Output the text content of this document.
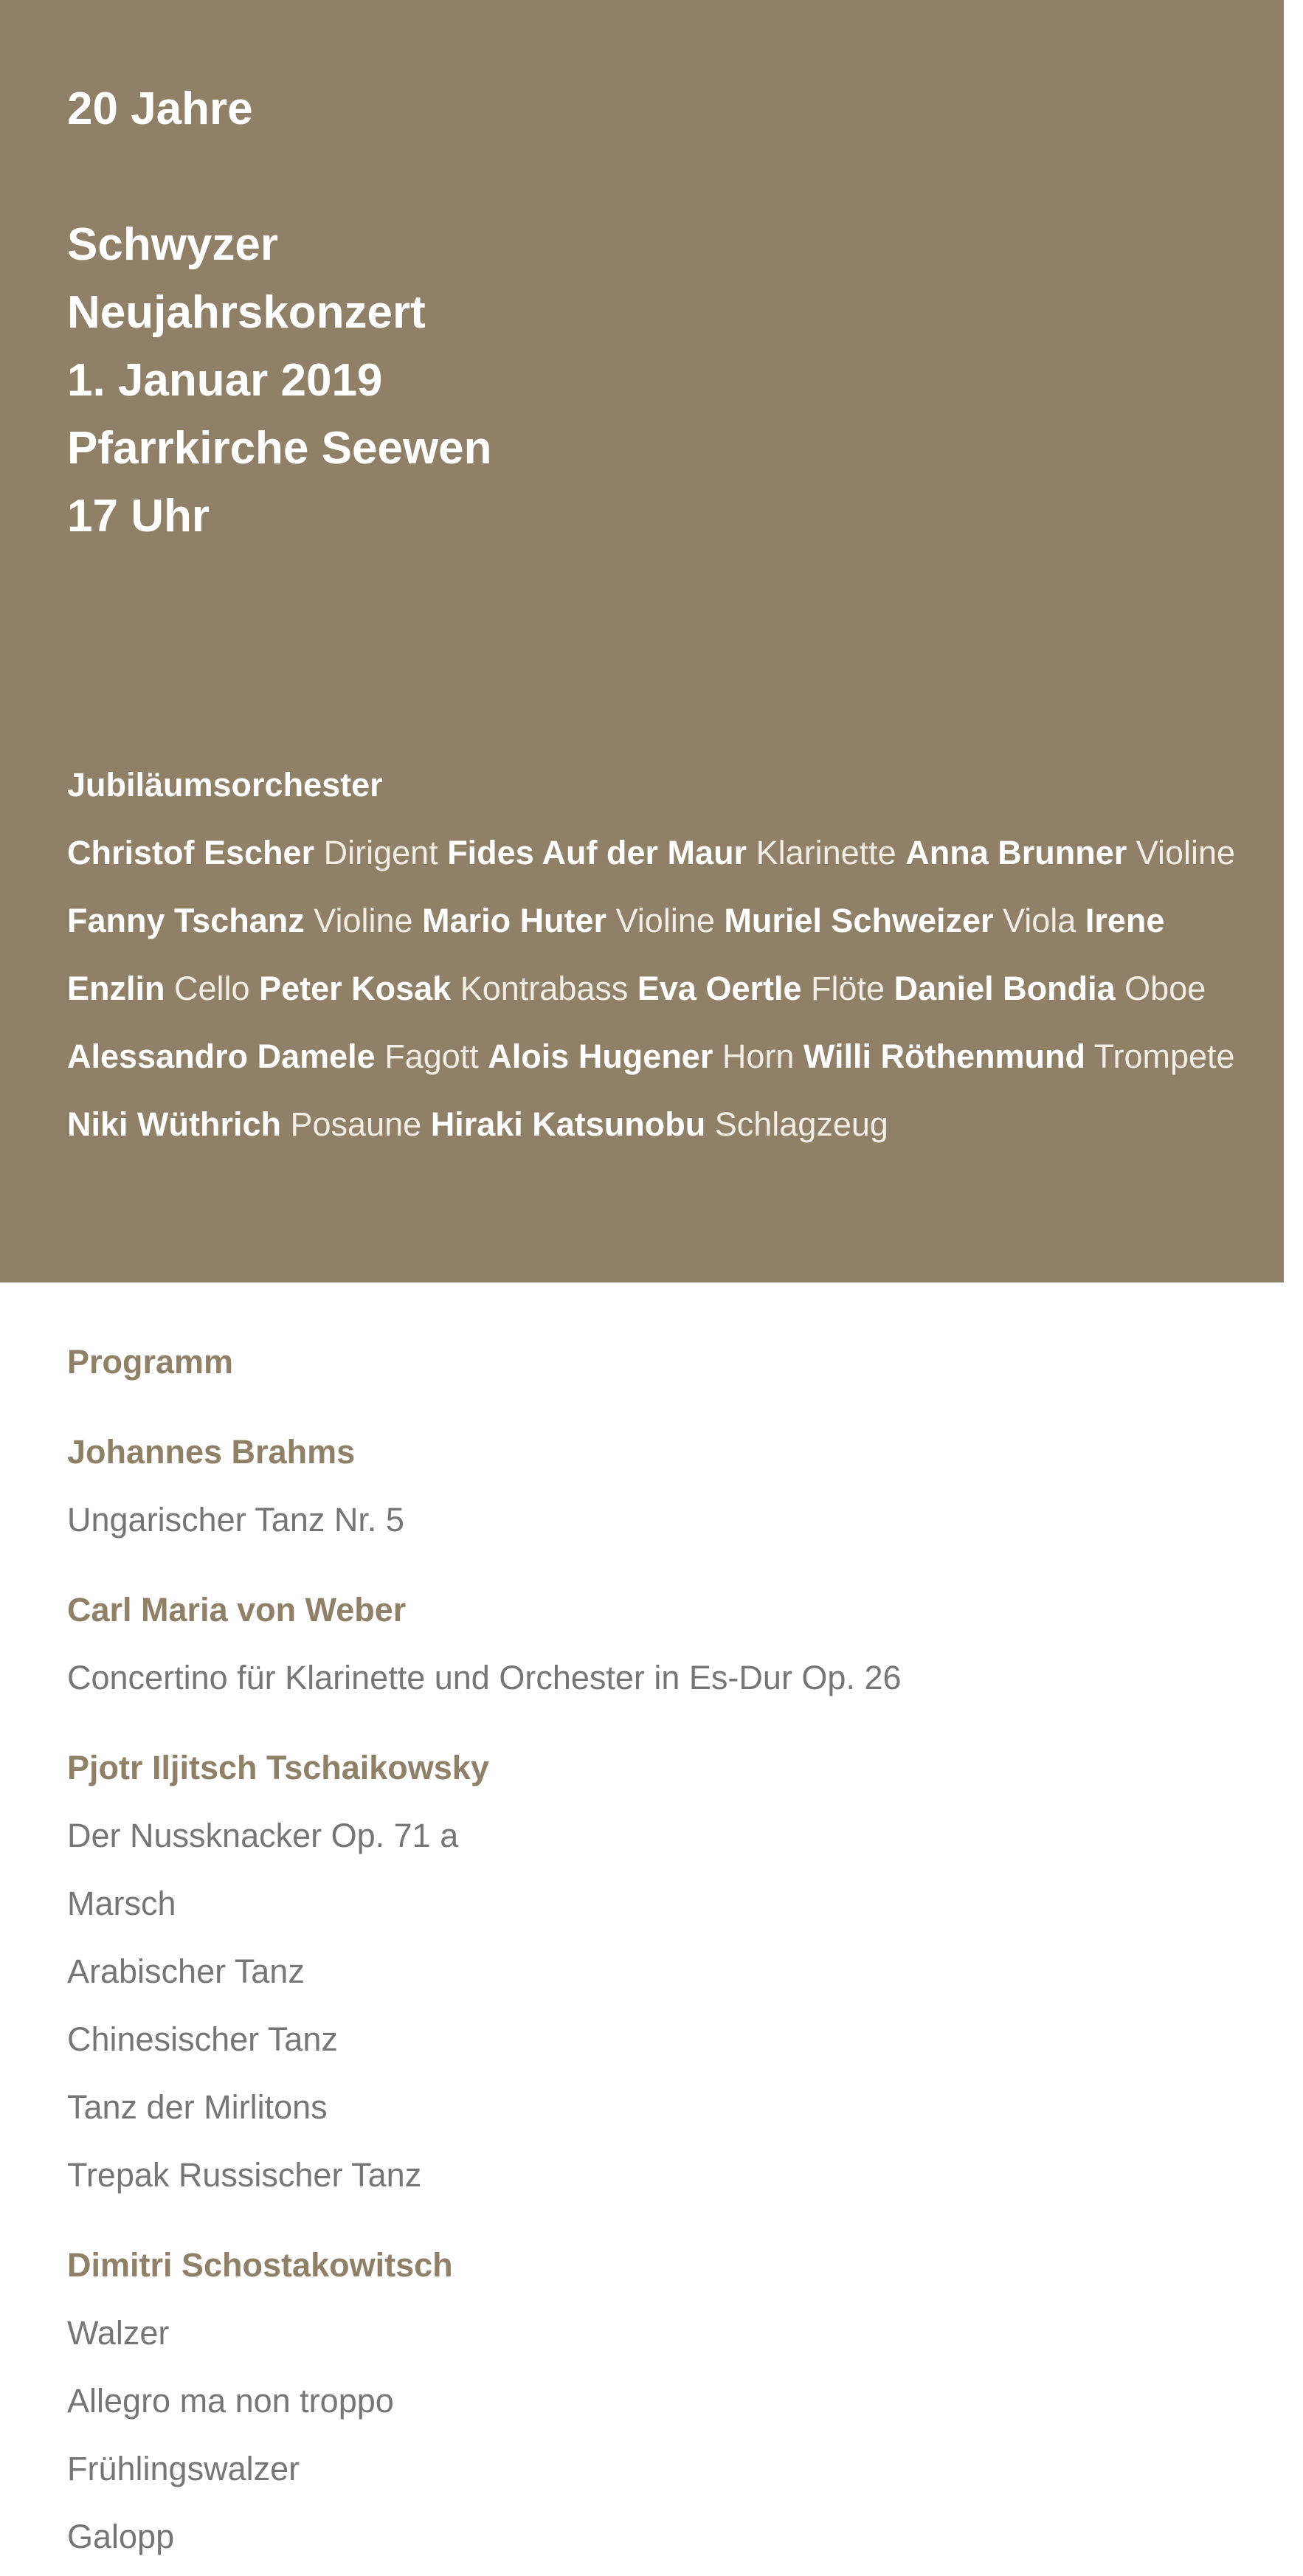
20 Jahre
Schwyzer
Neujahrskonzert
1. Januar 2019
Pfarrkirche Seewen
17 Uhr
Jubiläumsorchester
Christof Escher Dirigent Fides Auf der Maur Klarinette Anna Brunner Violine Fanny Tschanz Violine Mario Huter Violine Muriel Schweizer Viola Irene Enzlin Cello Peter Kosak Kontrabass Eva Oertle Flöte Daniel Bondia Oboe Alessandro Damele Fagott Alois Hugener Horn Willi Röthenmund Trompete Niki Wüthrich Posaune Hiraki Katsunobu Schlagzeug
Programm
Johannes Brahms
Ungarischer Tanz Nr. 5
Carl Maria von Weber
Concertino für Klarinette und Orchester in Es-Dur Op. 26
Pjotr Iljitsch Tschaikowsky
Der Nussknacker Op. 71 a
Marsch
Arabischer Tanz
Chinesischer Tanz
Tanz der Mirlitons
Trepak Russischer Tanz
Dimitri Schostakowitsch
Walzer
Allegro ma non troppo
Frühlingswalzer
Galopp
